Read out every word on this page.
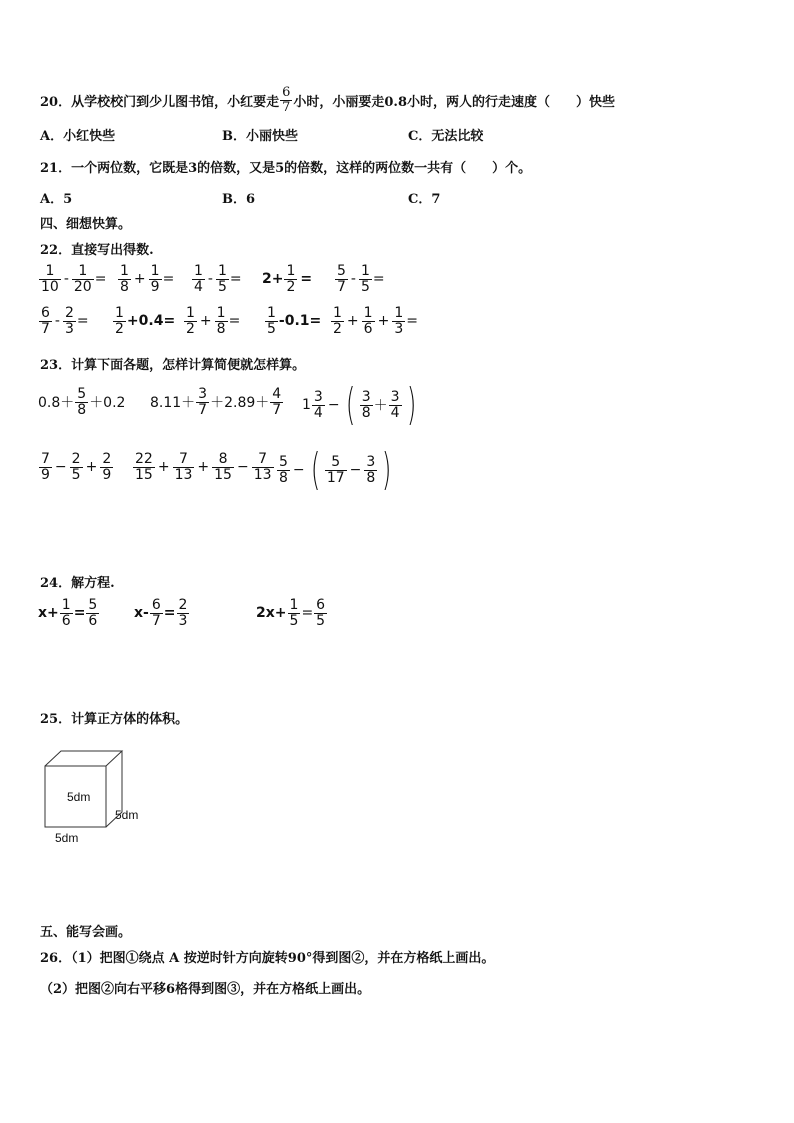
20． 从学校校门到少儿图书馆，小红要走 $\frac{6}{7}$ 小时，小丽要走0.8小时，两人的行走速度（　　）快些
A．小红快些	B．小丽快些	C．无法比较
21．一个两位数，它既是3的倍数，又是5的倍数，这样的两位数一共有（　　）个。
A．5	B．6	C．7
四、细想快算。
22．直接写出得数.
$\frac{1}{10} - \frac{1}{20} = \frac{1}{8} + \frac{1}{9} = \frac{1}{4} - \frac{1}{5} = 2+ \frac{1}{2} = \frac{5}{7} - \frac{1}{5}$ =
$\frac{6}{7} - \frac{2}{3} = \frac{1}{2} +0.4= \frac{1}{2} + \frac{1}{8} = \frac{1}{5} -0.1= \frac{1}{2} + \frac{1}{6} + \frac{1}{3}$ =
23．计算下面各题，怎样计算简便就怎样算。
$0.8+ \frac{5}{8} +0.2$ $8.11+ \frac{3}{7} +2.89+ \frac{4}{7} 1 \frac{3}{4}$ − ( $\frac{3}{8} + \frac{3}{4}$ )
$\frac{7}{9} - \frac{2}{5} + \frac{2}{9} \frac{22}{15} + \frac{7}{13} + \frac{8}{15} - \frac{7}{13} \frac{5}{8}$ − ( $\frac{5}{17} - \frac{3}{8}$ )
24．解方程.
$x+ \frac{1}{6} = \frac{5}{6} x- \frac{6}{7} = \frac{2}{3}$	$2x+ \frac{1}{5} = \frac{6}{5}$
25．计算正方体的体积。
5dm
5dm
5dm
五、能写会画。
26．（1）把图①绕点 A 按逆时针方向旋转90°得到图②，并在方格纸上画出。
（2）把图②向右平移6格得到图③，并在方格纸上画出。
